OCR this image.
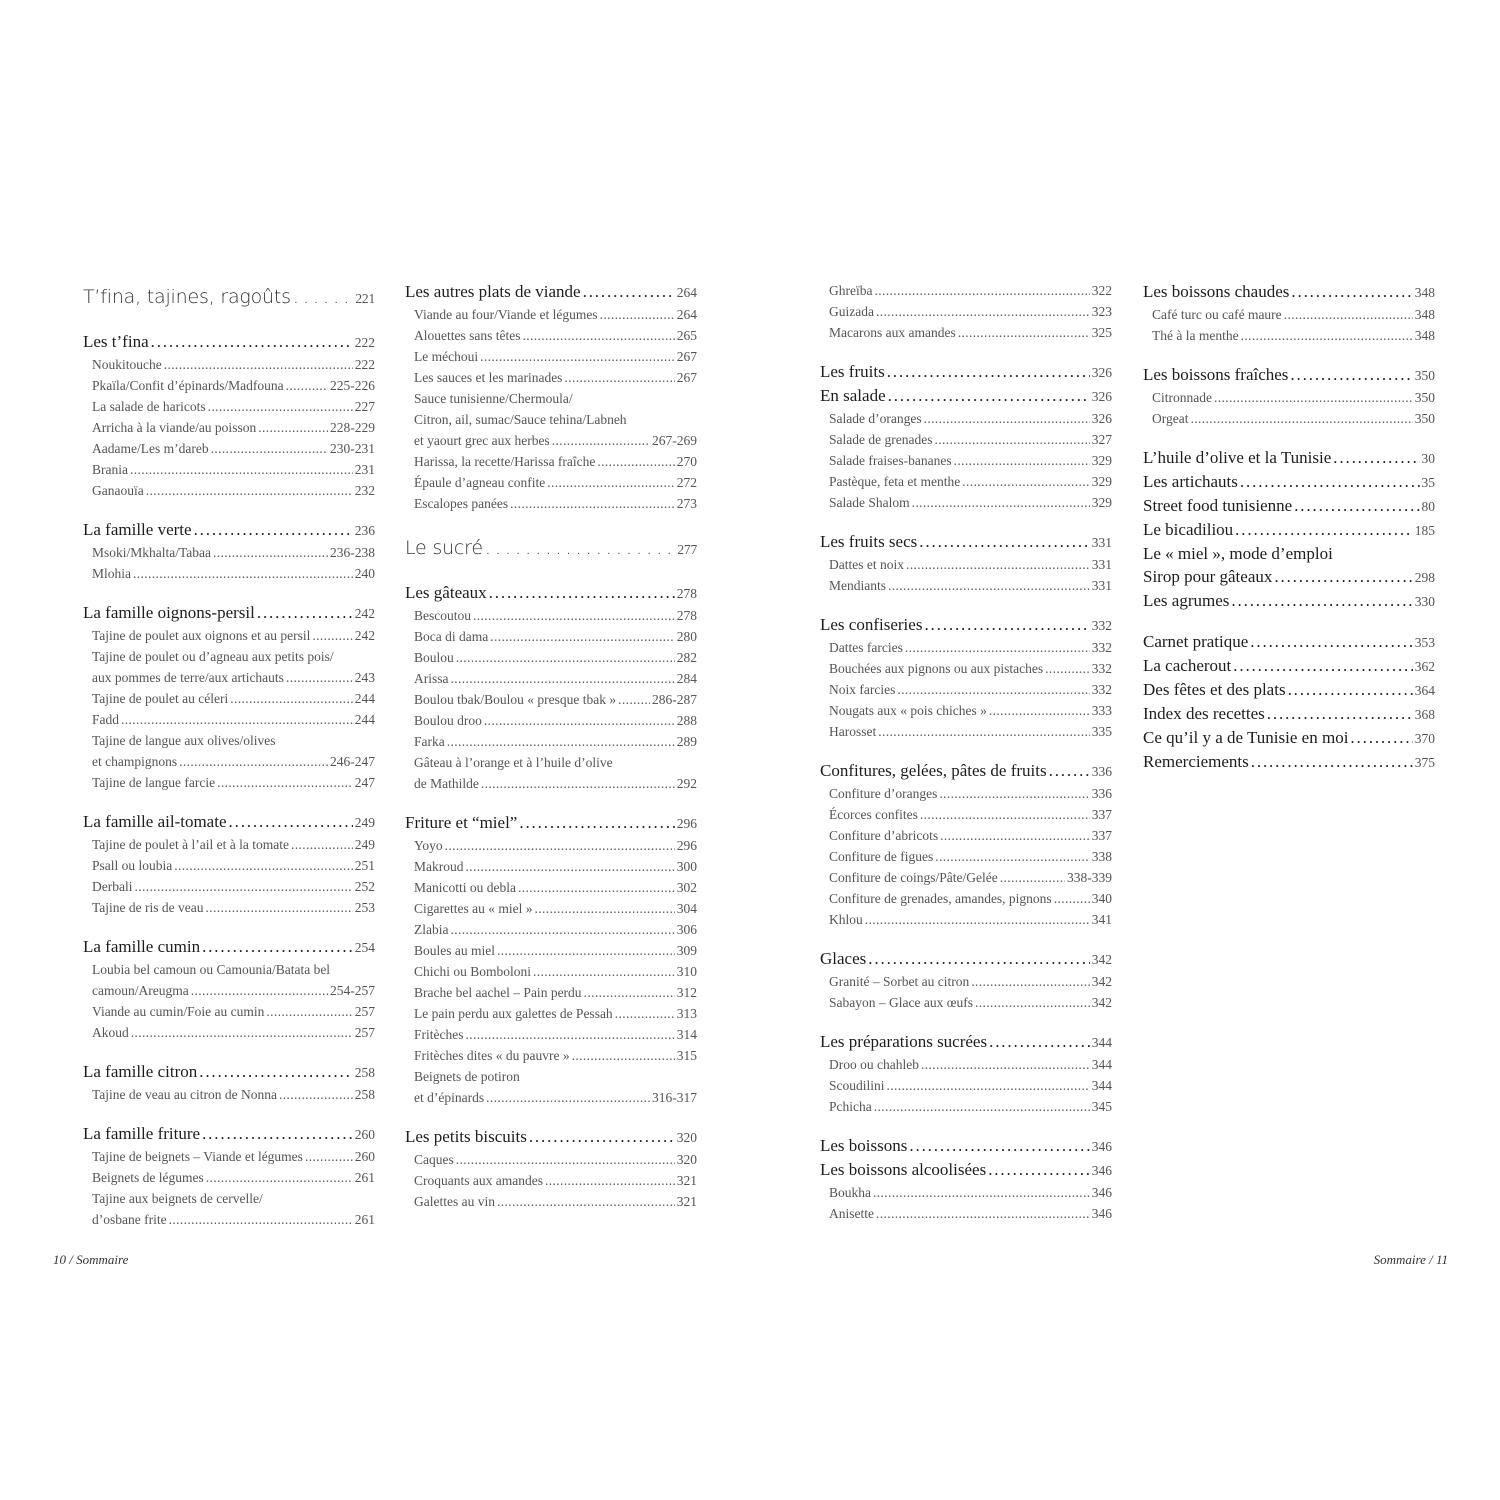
T’fina, tajines, ragoûts . . .	221
Les t’fina . . .	222
Noukitouche . . .	222
Pkaïla/Confit d’épinards/Madfouna . . .	225-226
La salade de haricots . . .	227
Arricha à la viande/au poisson . . .	228-229
Aadame/Les m’dareb . . .	230-231
Brania . . .	231
Ganaouïa . . .	232
La famille verte . . .	236
Msoki/Mkhalta/Tabaa . . .	236-238
Mlohia . . .	240
La famille oignons-persil . . .	242
Tajine de poulet aux oignons et au persil . . .	242
Tajine de poulet ou d’agneau aux petits pois/
aux pommes de terre/aux artichauts . . .	243
Tajine de poulet au céleri . . .	244
Fadd . . .	244
Tajine de langue aux olives/olives
et champignons . . .	246-247
Tajine de langue farcie . . .	247
La famille ail-tomate . . .	249
Tajine de poulet à l’ail et à la tomate . . .	249
Psall ou loubia . . .	251
Derbali . . .	252
Tajine de ris de veau . . .	253
La famille cumin . . .	254
Loubia bel camoun ou Camounia/Batata bel
camoun/Areugma . . .	254-257
Viande au cumin/Foie au cumin . . .	257
Akoud . . .	257
La famille citron . . .	258
Tajine de veau au citron de Nonna . . .	258
La famille friture . . .	260
Tajine de beignets – Viande et légumes . . .	260
Beignets de légumes . . .	261
Tajine aux beignets de cervelle/
d’osbane frite . . .	261
Les autres plats de viande . . .	264
Viande au four/Viande et légumes . . .	264
Alouettes sans têtes . . .	265
Le méchoui . . .	267
Les sauces et les marinades . . .	267
Sauce tunisienne/Chermoula/
Citron, ail, sumac/Sauce tehina/Labneh
et yaourt grec aux herbes . . .	267-269
Harissa, la recette/Harissa fraîche . . .	270
Épaule d’agneau confite . . .	272
Escalopes panées . . .	273
Le sucré . . .	277
Les gâteaux . . .	278
Bescoutou . . .	278
Boca di dama . . .	280
Boulou . . .	282
Arissa . . .	284
Boulou tbak/Boulou « presque tbak » . . .	286-287
Boulou droo . . .	288
Farka . . .	289
Gâteau à l’orange et à l’huile d’olive
de Mathilde . . .	292
Friture et “miel” . . .	296
Yoyo . . .	296
Makroud . . .	300
Manicotti ou debla . . .	302
Cigarettes au « miel » . . .	304
Zlabia . . .	306
Boules au miel . . .	309
Chichi ou Bomboloni . . .	310
Brache bel aachel – Pain perdu . . .	312
Le pain perdu aux galettes de Pessah . . .	313
Fritèches . . .	314
Fritèches dites « du pauvre » . . .	315
Beignets de potiron
et d’épinards . . .	316-317
Les petits biscuits . . .	320
Caques . . .	320
Croquants aux amandes . . .	321
Galettes au vin . . .	321
Ghreïba . . .	322
Guizada . . .	323
Macarons aux amandes . . .	325
Les fruits . . .	326
En salade . . .	326
Salade d’oranges . . .	326
Salade de grenades . . .	327
Salade fraises-bananes . . .	329
Pastèque, feta et menthe . . .	329
Salade Shalom . . .	329
Les fruits secs . . .	331
Dattes et noix . . .	331
Mendiants . . .	331
Les confiseries . . .	332
Dattes farcies . . .	332
Bouchées aux pignons ou aux pistaches . . .	332
Noix farcies . . .	332
Nougats aux « pois chiches » . . .	333
Harosset . . .	335
Confitures, gelées, pâtes de fruits . . .	336
Confiture d’oranges . . .	336
Écorces confites . . .	337
Confiture d’abricots . . .	337
Confiture de figues . . .	338
Confiture de coings/Pâte/Gelée . . .	338-339
Confiture de grenades, amandes, pignons . . .	340
Khlou . . .	341
Glaces . . .	342
Granité – Sorbet au citron . . .	342
Sabayon – Glace aux œufs . . .	342
Les préparations sucrées . . .	344
Droo ou chahleb . . .	344
Scoudilini . . .	344
Pchicha . . .	345
Les boissons . . .	346
Les boissons alcoolisées . . .	346
Boukha . . .	346
Anisette . . .	346
Les boissons chaudes . . .	348
Café turc ou café maure . . .	348
Thé à la menthe . . .	348
Les boissons fraîches . . .	350
Citronnade . . .	350
Orgeat . . .	350
L’huile d’olive et la Tunisie . . .	30
Les artichauts . . .	35
Street food tunisienne . . .	80
Le bicadiliou . . .	185
Le « miel », mode d’emploi
Sirop pour gâteaux . . .	298
Les agrumes . . .	330
Carnet pratique . . .	353
La cacherout . . .	362
Des fêtes et des plats . . .	364
Index des recettes . . .	368
Ce qu’il y a de Tunisie en moi . . .	370
Remerciements . . .	375
10 / Sommaire	Sommaire / 11
